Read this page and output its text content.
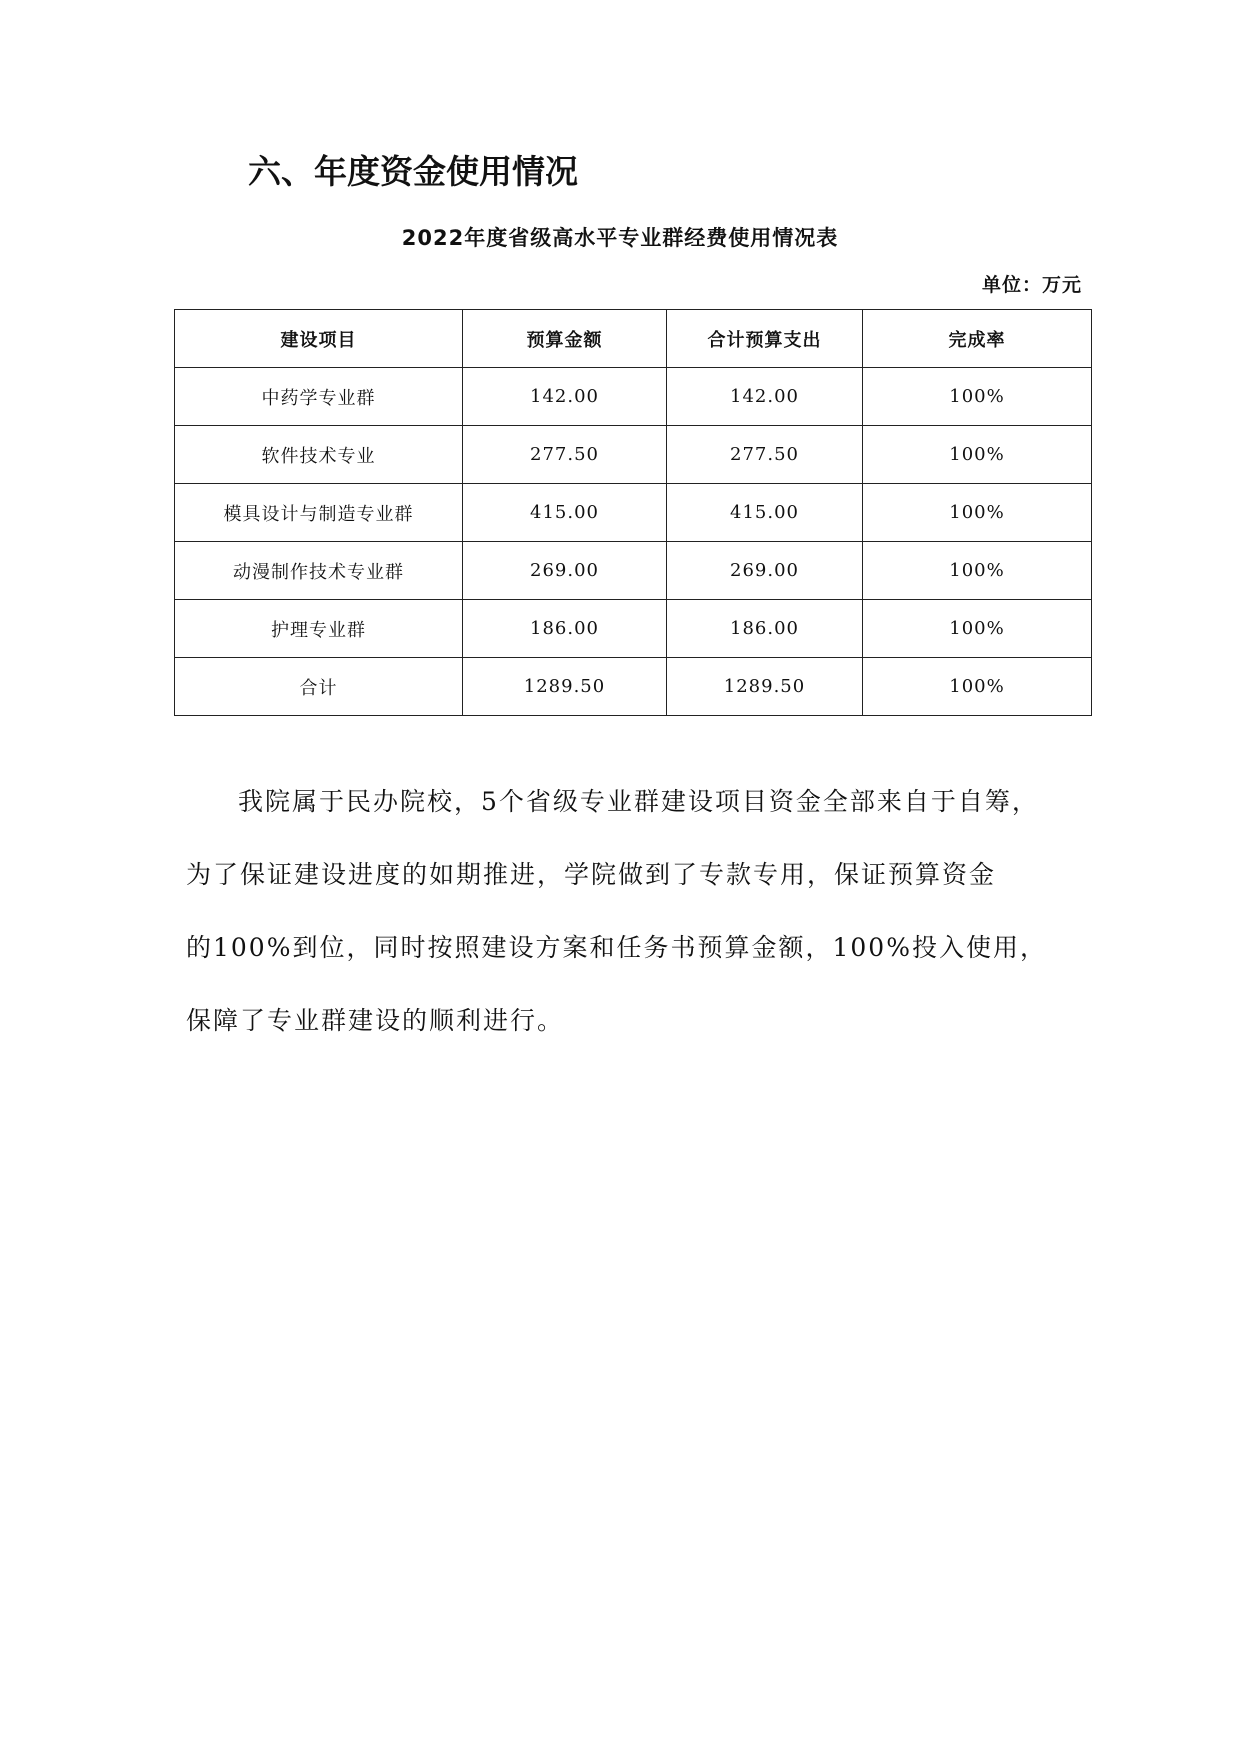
六、年度资金使用情况
2022年度省级高水平专业群经费使用情况表
单位：万元
建设项目	预算金额	合计预算支出	完成率
中药学专业群	142.00	142.00	100%
软件技术专业	277.50	277.50	100%
模具设计与制造专业群	415.00	415.00	100%
动漫制作技术专业群	269.00	269.00	100%
护理专业群	186.00	186.00	100%
合计	1289.50	1289.50	100%

我院属于民办院校，5个省级专业群建设项目资金全部来自于自筹，
为了保证建设进度的如期推进，学院做到了专款专用，保证预算资金
的100%到位，同时按照建设方案和任务书预算金额，100%投入使用，
保障了专业群建设的顺利进行。
